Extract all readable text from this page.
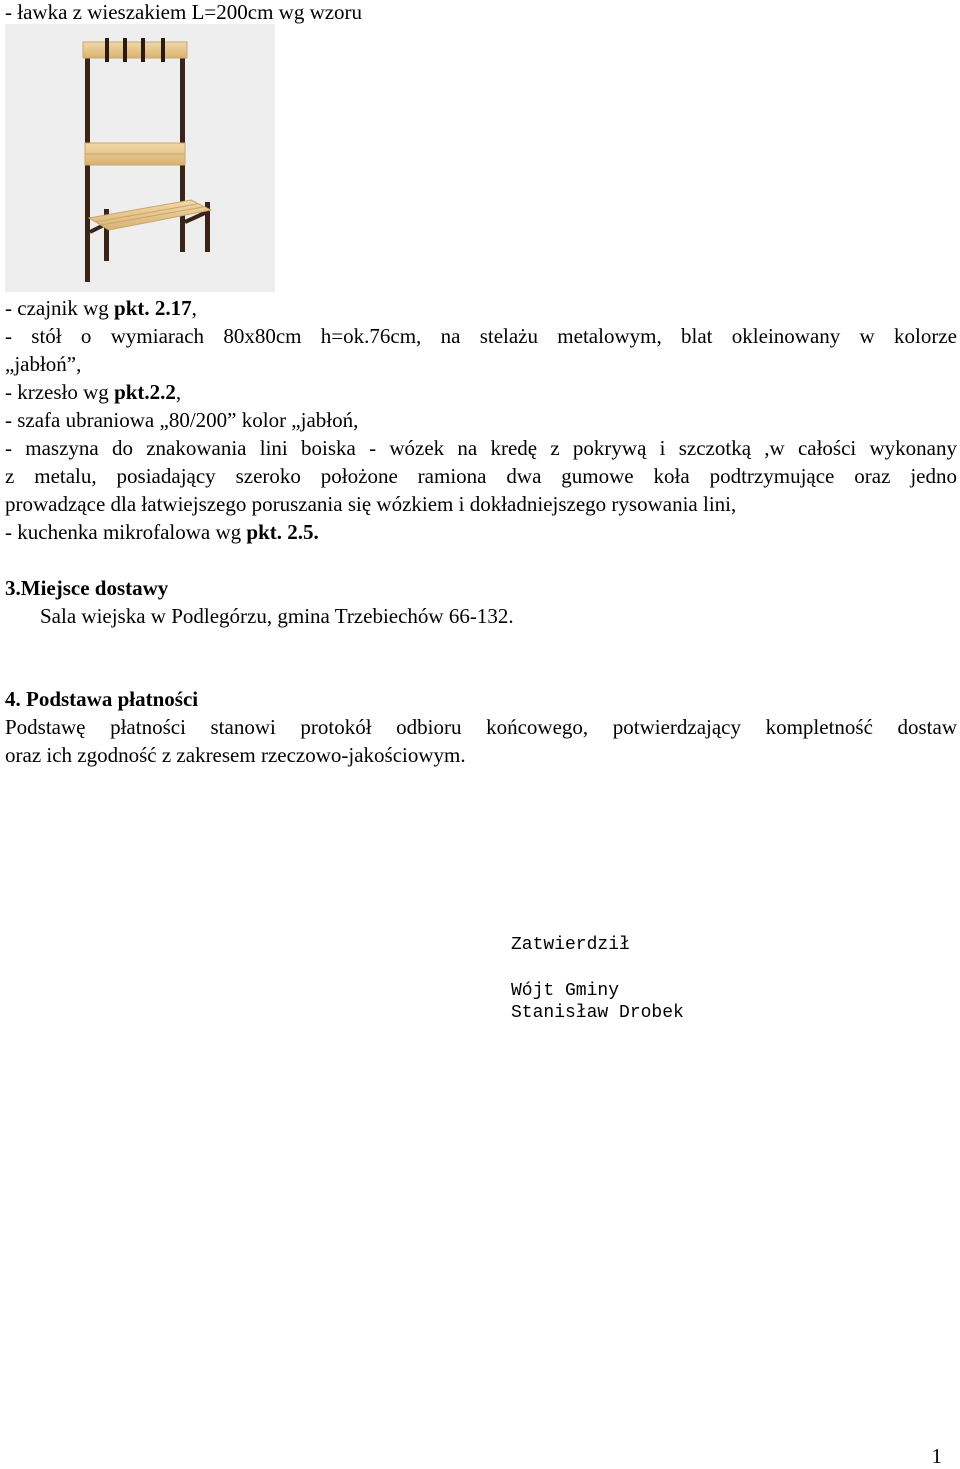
- ławka z wieszakiem L=200cm wg wzoru
- czajnik wg pkt. 2.17,
- stół o wymiarach 80x80cm h=ok.76cm, na stelażu metalowym, blat okleinowany w kolorze
„jabłoń”,
- krzesło wg pkt.2.2,
- szafa ubraniowa „80/200” kolor „jabłoń,
- maszyna do znakowania lini boiska - wózek na kredę z pokrywą i szczotką ,w całości wykonany
z metalu, posiadający szeroko położone ramiona dwa gumowe koła podtrzymujące oraz jedno
prowadzące dla łatwiejszego poruszania się wózkiem i dokładniejszego rysowania lini,
- kuchenka mikrofalowa wg pkt. 2.5.
3.Miejsce dostawy
Sala wiejska w Podlegórzu, gmina Trzebiechów 66-132.
4. Podstawa płatności
Podstawę płatności stanowi protokół odbioru końcowego, potwierdzający kompletność dostaw
oraz ich zgodność z zakresem rzeczowo-jakościowym.
Zatwierdził
Wójt Gminy
Stanisław Drobek
1
